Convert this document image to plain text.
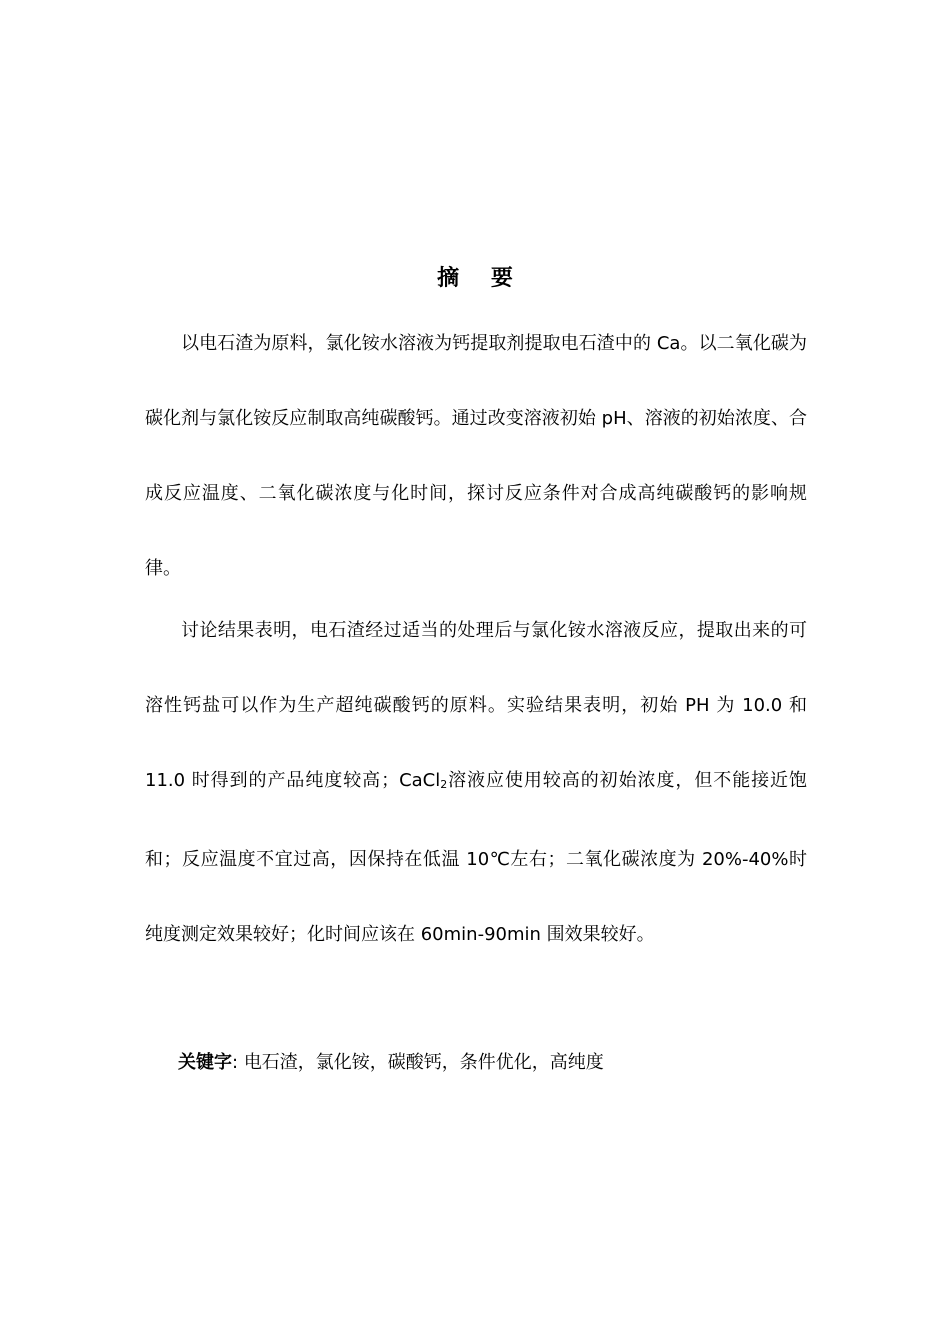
摘 要

以电石渣为原料，氯化铵水溶液为钙提取剂提取电石渣中的 Ca。以二氧化碳为碳化剂与氯化铵反应制取高纯碳酸钙。通过改变溶液初始 pH、溶液的初始浓度、合成反应温度、二氧化碳浓度与化时间，探讨反应条件对合成高纯碳酸钙的影响规律。

讨论结果表明，电石渣经过适当的处理后与氯化铵水溶液反应，提取出来的可溶性钙盐可以作为生产超纯碳酸钙的原料。实验结果表明，初始 PH 为 10.0 和 11.0 时得到的产品纯度较高；CaCl2溶液应使用较高的初始浓度，但不能接近饱和；反应温度不宜过高，因保持在低温 10℃左右；二氧化碳浓度为 20%-40%时纯度测定效果较好；化时间应该在 60min-90min 围效果较好。

关键字: 电石渣，氯化铵，碳酸钙，条件优化，高纯度
